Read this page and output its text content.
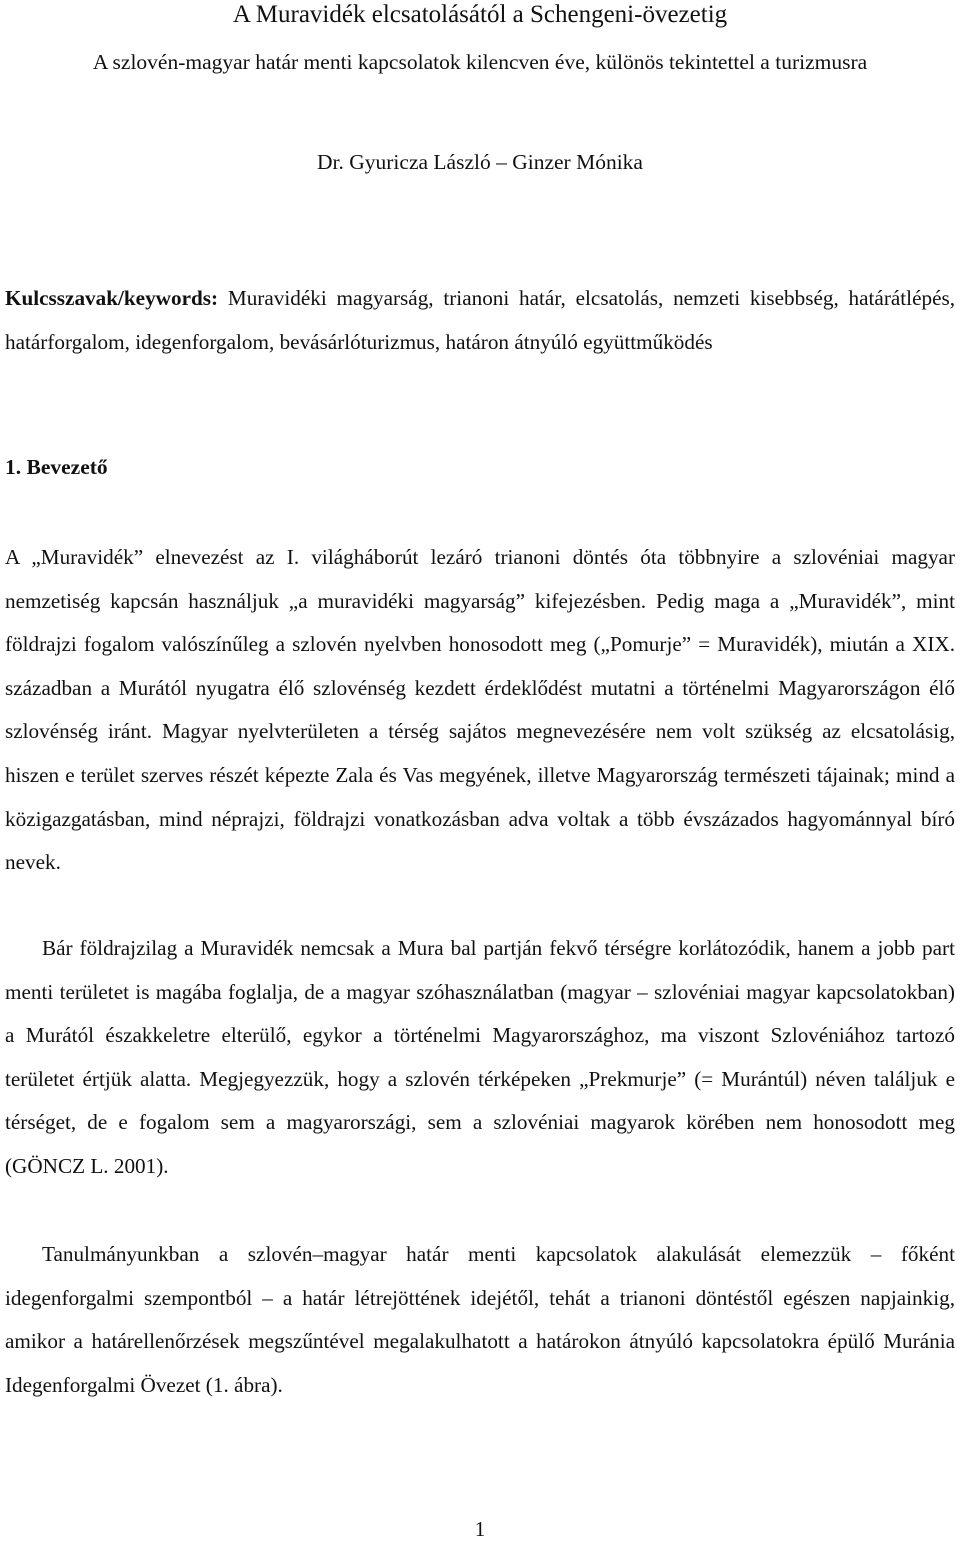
A Muravidék elcsatolásától a Schengeni-övezetig

A szlovén-magyar határ menti kapcsolatok kilencven éve, különös tekintettel a turizmusra

Dr. Gyuricza László – Ginzer Mónika

Kulcsszavak/keywords: Muravidéki magyarság, trianoni határ, elcsatolás, nemzeti kisebbség, határátlépés, határforgalom, idegenforgalom, bevásárlóturizmus, határon átnyúló együttműködés

1. Bevezető

A „Muravidék” elnevezést az I. világháborút lezáró trianoni döntés óta többnyire a szlovéniai magyar nemzetiség kapcsán használjuk „a muravidéki magyarság” kifejezésben. Pedig maga a „Muravidék”, mint földrajzi fogalom valószínűleg a szlovén nyelvben honosodott meg („Pomurje” = Muravidék), miután a XIX. században a Murától nyugatra élő szlovénség kezdett érdeklődést mutatni a történelmi Magyarországon élő szlovénség iránt. Magyar nyelvterületen a térség sajátos megnevezésére nem volt szükség az elcsatolásig, hiszen e terület szerves részét képezte Zala és Vas megyének, illetve Magyarország természeti tájainak; mind a közigazgatásban, mind néprajzi, földrajzi vonatkozásban adva voltak a több évszázados hagyománnyal bíró nevek.

Bár földrajzilag a Muravidék nemcsak a Mura bal partján fekvő térségre korlátozódik, hanem a jobb part menti területet is magába foglalja, de a magyar szóhasználatban (magyar – szlovéniai magyar kapcsolatokban) a Murától északkeletre elterülő, egykor a történelmi Magyarországhoz, ma viszont Szlovéniához tartozó területet értjük alatta. Megjegyezzük, hogy a szlovén térképeken „Prekmurje” (= Murántúl) néven találjuk e térséget, de e fogalom sem a magyarországi, sem a szlovéniai magyarok körében nem honosodott meg (GÖNCZ L. 2001).

Tanulmányunkban a szlovén–magyar határ menti kapcsolatok alakulását elemezzük – főként idegenforgalmi szempontból – a határ létrejöttének idejétől, tehát a trianoni döntéstől egészen napjainkig, amikor a határellenőrzések megszűntével megalakulhatott a határokon átnyúló kapcsolatokra épülő Muránia Idegenforgalmi Övezet (1. ábra).

1
